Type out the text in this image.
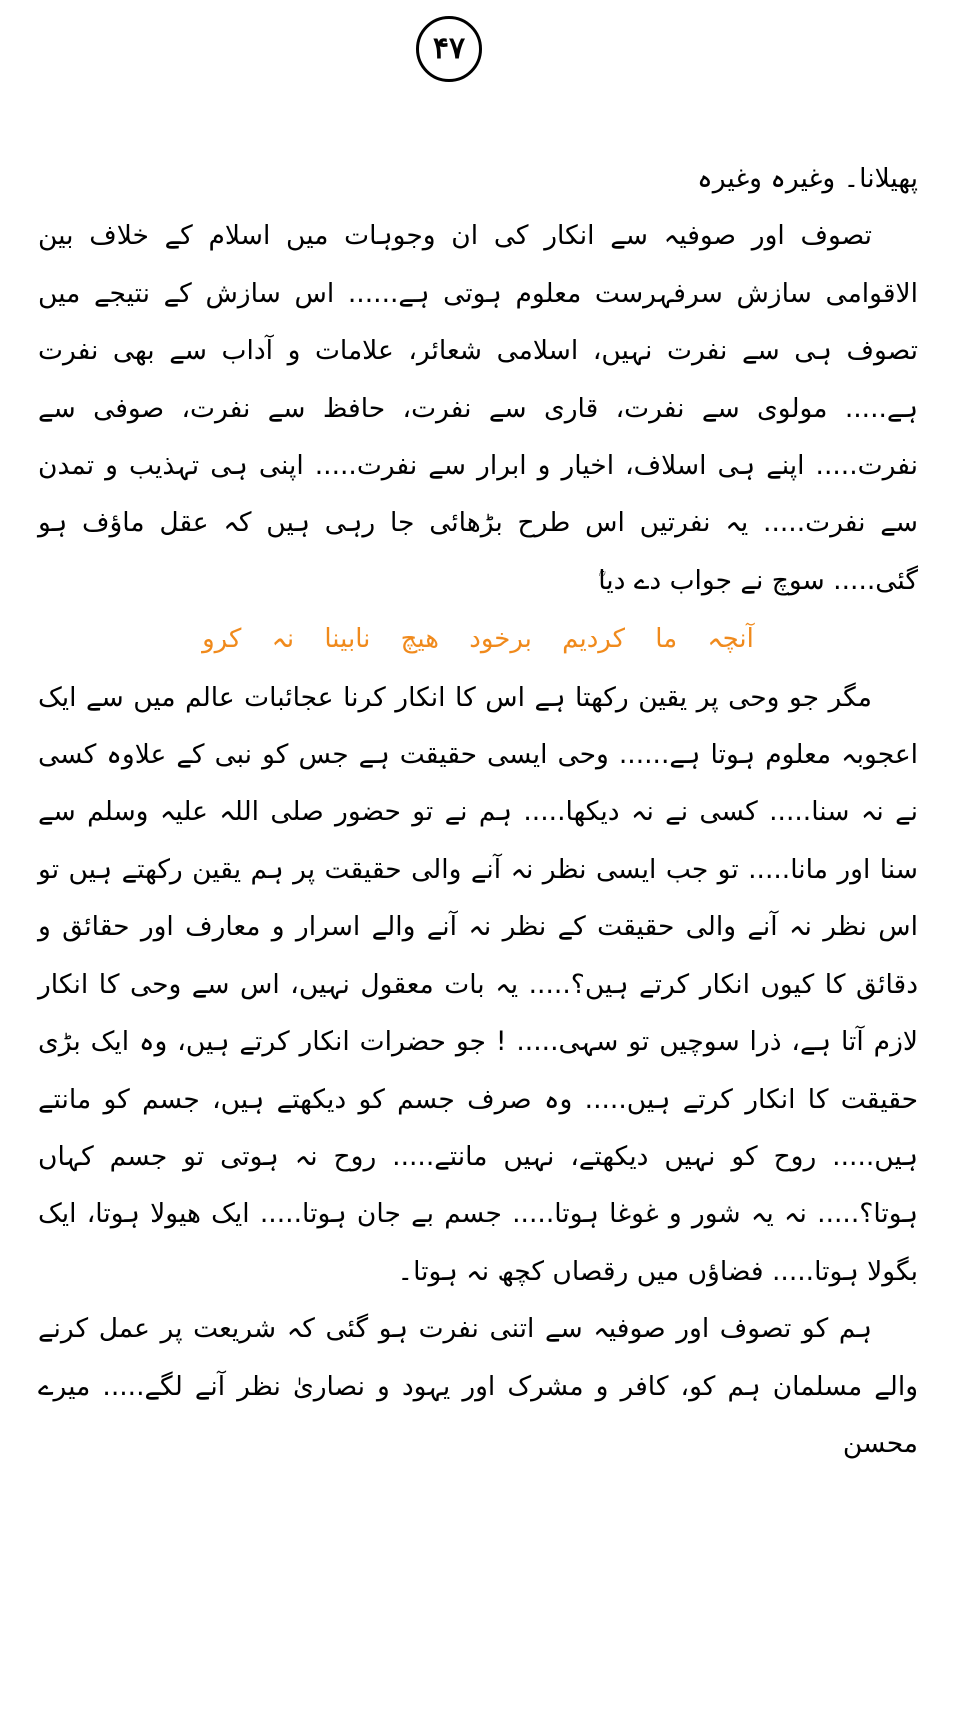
۴۷

پھیلانا۔ وغیرہ وغیرہ

تصوف اور صوفیہ سے انکار کی ان وجوہات میں اسلام کے خلاف بین الاقوامی سازش سرفہرست معلوم ہوتی ہے...... اس سازش کے نتیجے میں تصوف ہی سے نفرت نہیں، اسلامی شعائر، علامات و آداب سے بھی نفرت ہے..... مولوی سے نفرت، قاری سے نفرت، حافظ سے نفرت، صوفی سے نفرت..... اپنے ہی اسلاف، اخیار و ابرار سے نفرت..... اپنی ہی تہذیب و تمدن سے نفرت..... یہ نفرتیں اس طرح بڑھائی جا رہی ہیں کہ عقل ماؤف ہو گئی..... سوچ نے جواب دے دیا

آنچہ ما کردیم برخود ھیچ نابینا نہ کرو

مگر جو وحی پر یقین رکھتا ہے اس کا انکار کرنا عجائبات عالم میں سے ایک اعجوبہ معلوم ہوتا ہے...... وحی ایسی حقیقت ہے جس کو نبی کے علاوہ کسی نے نہ سنا..... کسی نے نہ دیکھا..... ہم نے تو حضور صلی اللہ علیہ وسلم سے سنا اور مانا..... تو جب ایسی نظر نہ آنے والی حقیقت پر ہم یقین رکھتے ہیں تو اس نظر نہ آنے والی حقیقت کے نظر نہ آنے والے اسرار و معارف اور حقائق و دقائق کا کیوں انکار کرتے ہیں؟..... یہ بات معقول نہیں، اس سے وحی کا انکار لازم آتا ہے، ذرا سوچیں تو سہی..... ! جو حضرات انکار کرتے ہیں، وہ ایک بڑی حقیقت کا انکار کرتے ہیں..... وہ صرف جسم کو دیکھتے ہیں، جسم کو مانتے ہیں..... روح کو نہیں دیکھتے، نہیں مانتے..... روح نہ ہوتی تو جسم کہاں ہوتا؟..... نہ یہ شور و غوغا ہوتا..... جسم بے جان ہوتا..... ایک ھیولا ہوتا، ایک بگولا ہوتا..... فضاؤں میں رقصاں کچھ نہ ہوتا۔

ہم کو تصوف اور صوفیہ سے اتنی نفرت ہو گئی کہ شریعت پر عمل کرنے والے مسلمان ہم کو، کافر و مشرک اور یہود و نصاریٰ نظر آنے لگے..... میرے محسن
